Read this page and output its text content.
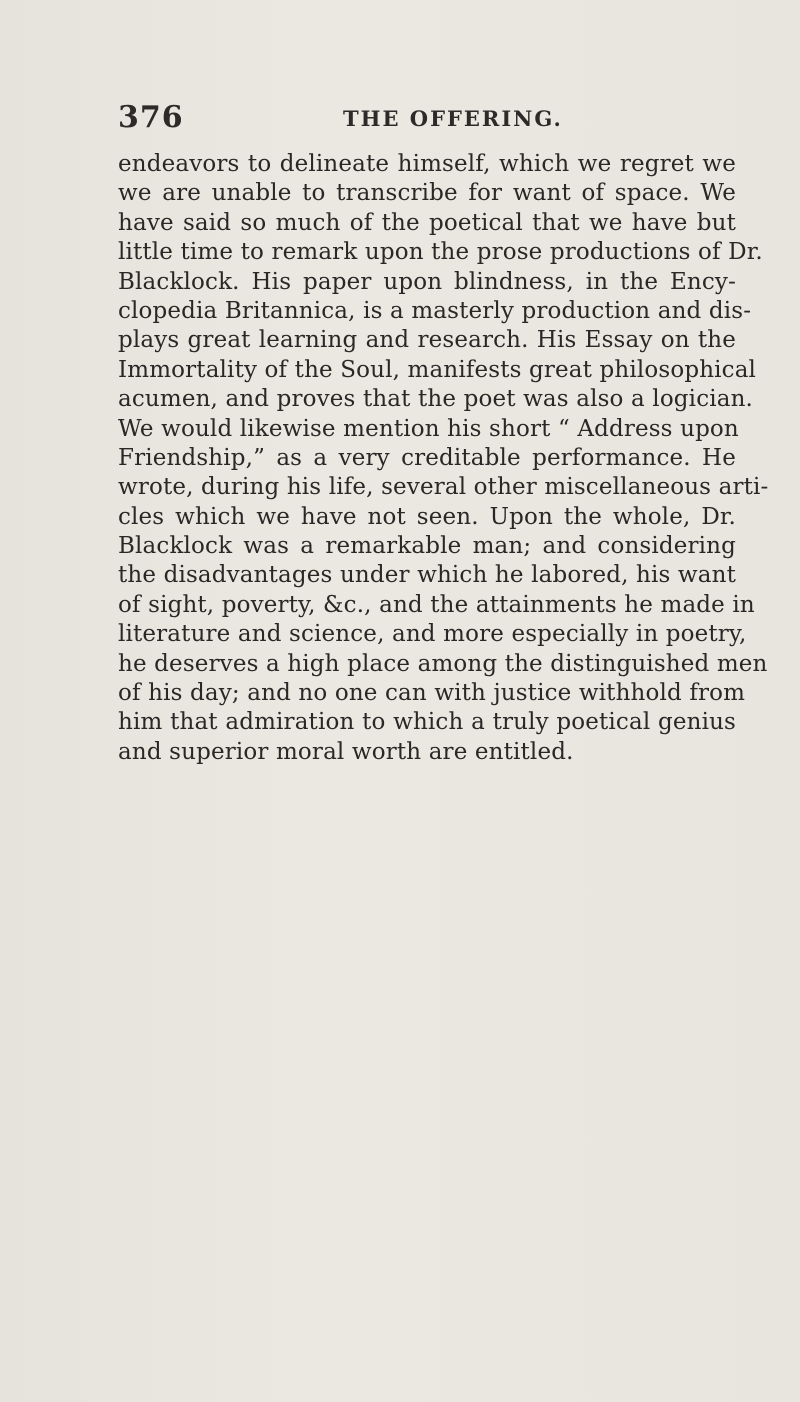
376	THE OFFERING.
endeavors to delineate himself, which we regret we
we are unable to transcribe for want of space. We
have said so much of the poetical that we have but
little time to remark upon the prose productions of Dr.
Blacklock. His paper upon blindness, in the Ency-
clopedia Britannica, is a masterly production and dis-
plays great learning and research. His Essay on the
Immortality of the Soul, manifests great philosophical
acumen, and proves that the poet was also a logician.
We would likewise mention his short “ Address upon
Friendship,” as a very creditable performance. He
wrote, during his life, several other miscellaneous arti-
cles which we have not seen. Upon the whole, Dr.
Blacklock was a remarkable man; and considering
the disadvantages under which he labored, his want
of sight, poverty, &c., and the attainments he made in
literature and science, and more especially in poetry,
he deserves a high place among the distinguished men
of his day; and no one can with justice withhold from
him that admiration to which a truly poetical genius
and superior moral worth are entitled.
